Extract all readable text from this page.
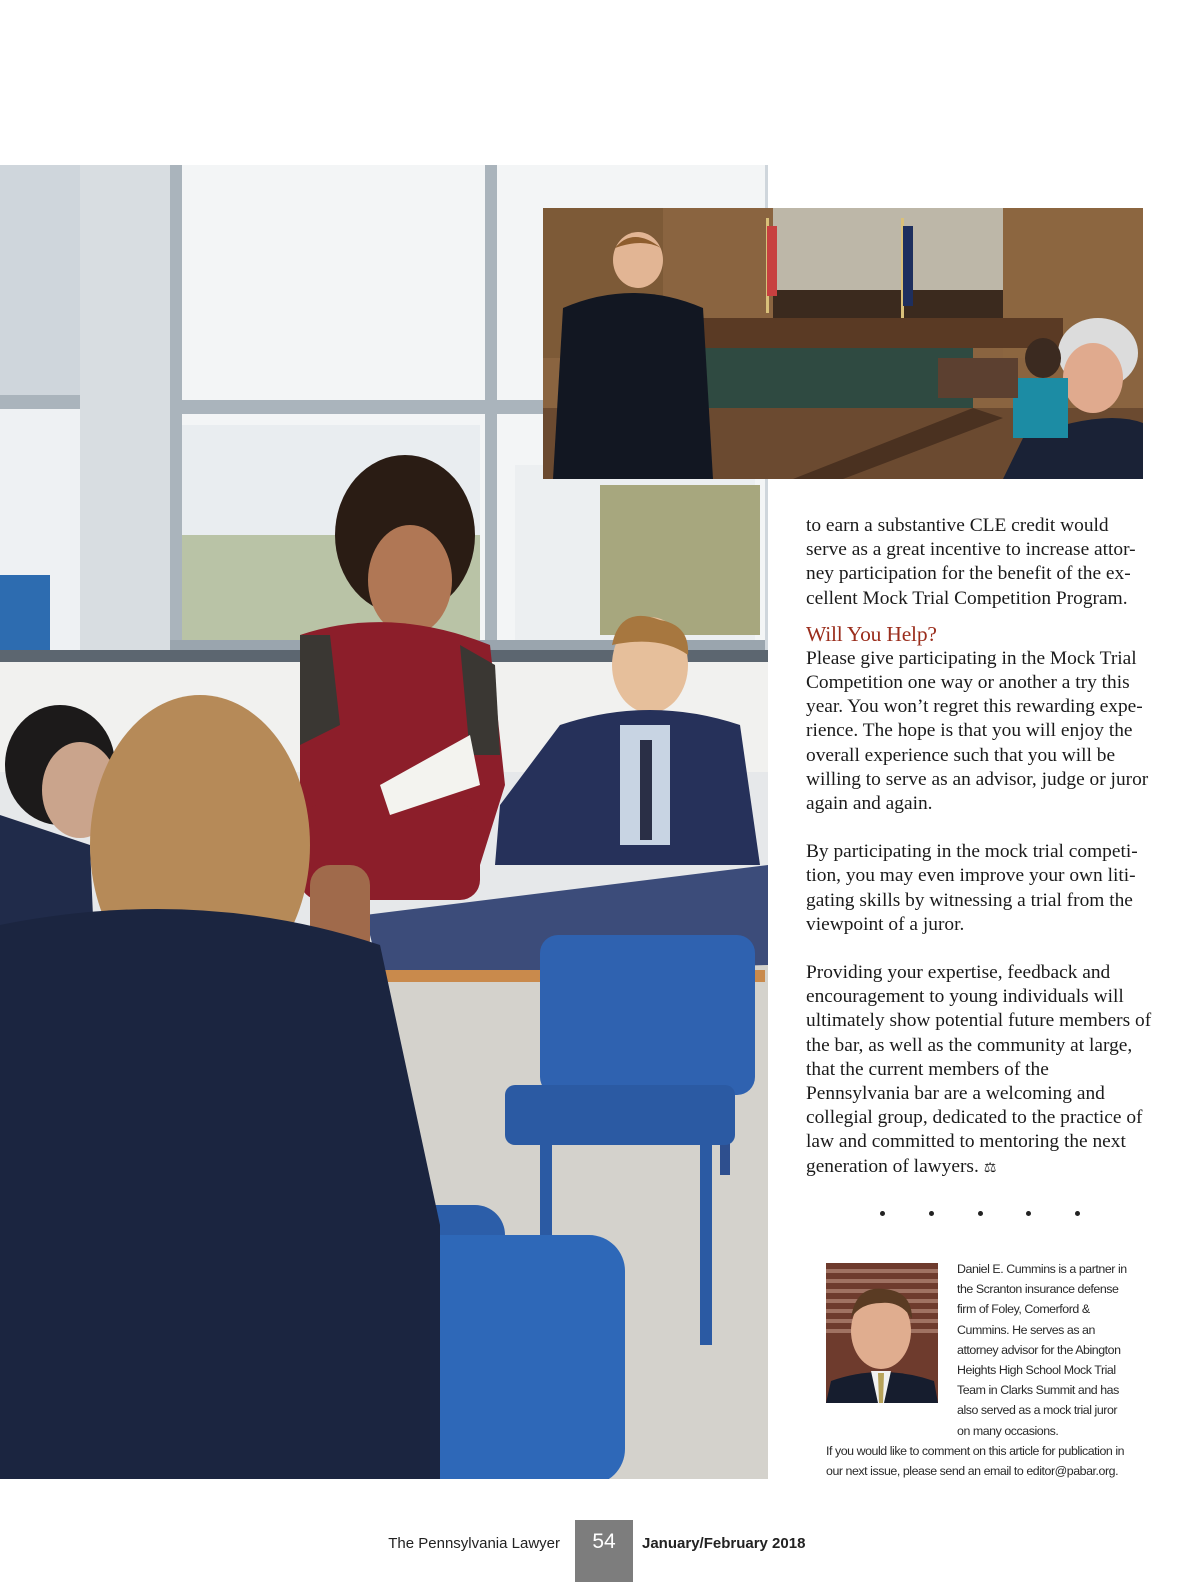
to earn a substantive CLE credit would serve as a great incentive to increase attor-ney participation for the benefit of the ex-cellent Mock Trial Competition Program.

Will You Help?

Please give participating in the Mock Trial Competition one way or another a try this year. You won’t regret this rewarding expe-rience. The hope is that you will enjoy the overall experience such that you will be willing to serve as an advisor, judge or juror again and again.

By participating in the mock trial competi-tion, you may even improve your own liti-gating skills by witnessing a trial from the viewpoint of a juror.

Providing your expertise, feedback and encouragement to young individuals will ultimately show potential future members of the bar, as well as the community at large, that the current members of the Pennsylvania bar are a welcoming and collegial group, dedicated to the practice of law and committed to mentoring the next generation of lawyers. ⚖

Daniel E. Cummins is a partner in the Scranton insurance defense firm of Foley, Comerford & Cummins. He serves as an attorney advisor for the Abington Heights High School Mock Trial Team in Clarks Summit and has also served as a mock trial juror on many occasions.
If you would like to comment on this article for publication in our next issue, please send an email to editor@pabar.org.
The Pennsylvania Lawyer	54	January/February 2018
